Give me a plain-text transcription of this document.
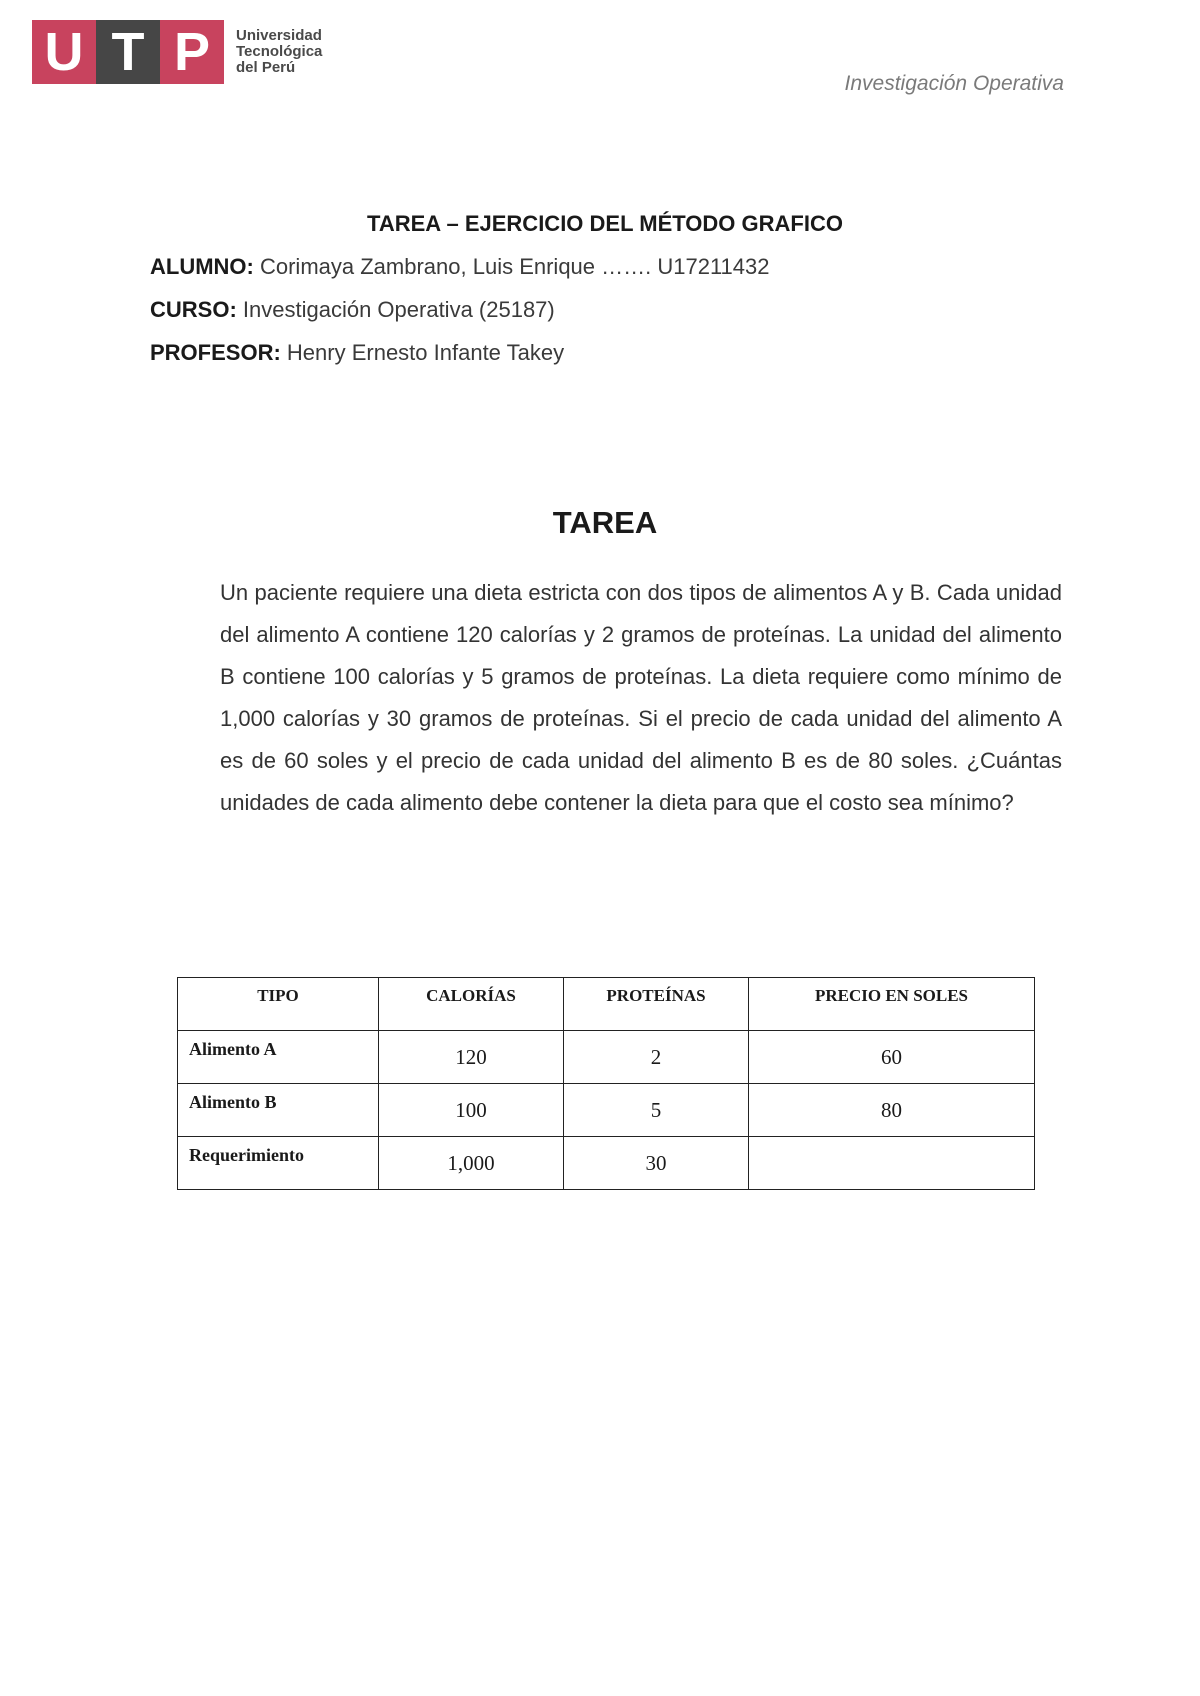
U T P	Universidad
Tecnológica
del Perú
Investigación Operativa
TAREA – EJERCICIO DEL MÉTODO GRAFICO
ALUMNO: Corimaya Zambrano, Luis Enrique ……. U17211432
CURSO: Investigación Operativa (25187)
PROFESOR: Henry Ernesto Infante Takey
TAREA

Un paciente requiere una dieta estricta con dos tipos de alimentos A y B. Cada unidad del alimento A contiene 120 calorías y 2 gramos de proteínas. La unidad del alimento B contiene 100 calorías y 5 gramos de proteínas. La dieta requiere como mínimo de 1,000 calorías y 30 gramos de proteínas. Si el precio de cada unidad del alimento A es de 60 soles y el precio de cada unidad del alimento B es de 80 soles. ¿Cuántas unidades de cada alimento debe contener la dieta para que el costo sea mínimo?

TIPO	CALORÍAS	PROTEÍNAS	PRECIO EN SOLES
Alimento A	120	2	60
Alimento B	100	5	80
Requerimiento	1,000	30	
